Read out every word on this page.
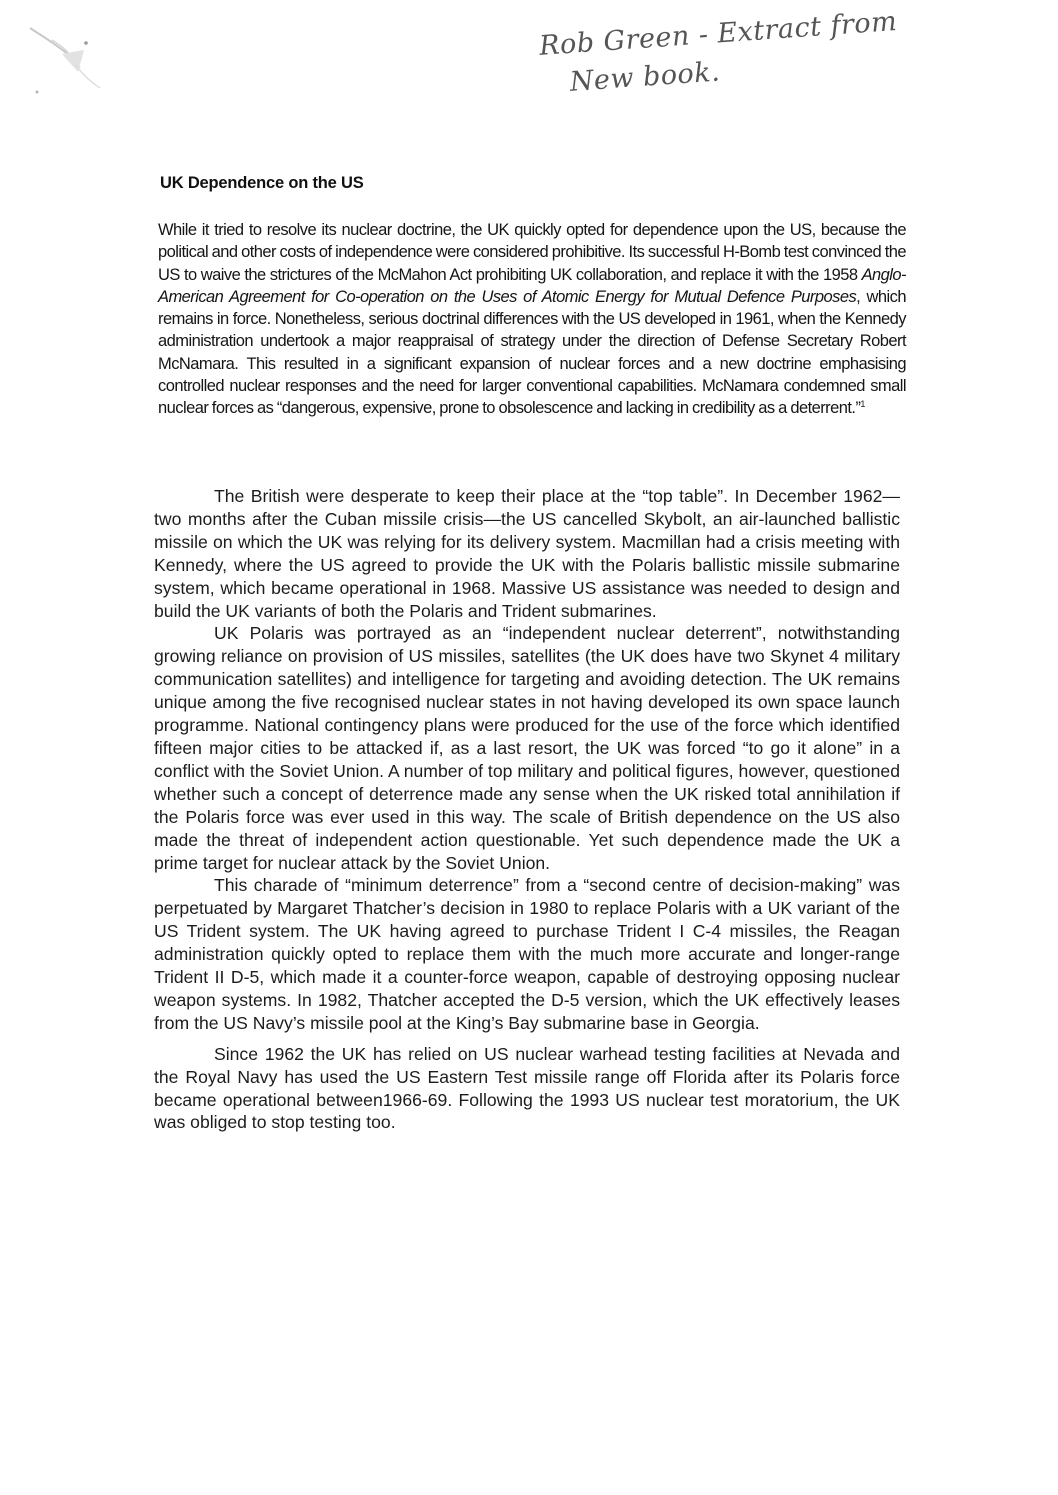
Rob Green - Extract from
New book.
UK Dependence on the US

While it tried to resolve its nuclear doctrine, the UK quickly opted for dependence upon the US, because the political and other costs of independence were considered prohibitive. Its successful H-Bomb test convinced the US to waive the strictures of the McMahon Act prohibiting UK collaboration, and replace it with the 1958 Anglo-American Agreement for Co-operation on the Uses of Atomic Energy for Mutual Defence Purposes, which remains in force. Nonetheless, serious doctrinal differences with the US developed in 1961, when the Kennedy administration undertook a major reappraisal of strategy under the direction of Defense Secretary Robert McNamara. This resulted in a significant expansion of nuclear forces and a new doctrine emphasising controlled nuclear responses and the need for larger conventional capabilities. McNamara condemned small nuclear forces as “dangerous, expensive, prone to obsolescence and lacking in credibility as a deterrent.”$^1$

The British were desperate to keep their place at the “top table”. In December 1962—two months after the Cuban missile crisis—the US cancelled Skybolt, an air-launched ballistic missile on which the UK was relying for its delivery system. Macmillan had a crisis meeting with Kennedy, where the US agreed to provide the UK with the Polaris ballistic missile submarine system, which became operational in 1968. Massive US assistance was needed to design and build the UK variants of both the Polaris and Trident submarines.

UK Polaris was portrayed as an “independent nuclear deterrent”, notwithstanding growing reliance on provision of US missiles, satellites (the UK does have two Skynet 4 military communication satellites) and intelligence for targeting and avoiding detection. The UK remains unique among the five recognised nuclear states in not having developed its own space launch programme. National contingency plans were produced for the use of the force which identified fifteen major cities to be attacked if, as a last resort, the UK was forced “to go it alone” in a conflict with the Soviet Union. A number of top military and political figures, however, questioned whether such a concept of deterrence made any sense when the UK risked total annihilation if the Polaris force was ever used in this way. The scale of British dependence on the US also made the threat of independent action questionable. Yet such dependence made the UK a prime target for nuclear attack by the Soviet Union.

This charade of “minimum deterrence” from a “second centre of decision-making” was perpetuated by Margaret Thatcher’s decision in 1980 to replace Polaris with a UK variant of the US Trident system. The UK having agreed to purchase Trident I C-4 missiles, the Reagan administration quickly opted to replace them with the much more accurate and longer-range Trident II D-5, which made it a counter-force weapon, capable of destroying opposing nuclear weapon systems. In 1982, Thatcher accepted the D-5 version, which the UK effectively leases from the US Navy’s missile pool at the King’s Bay submarine base in Georgia.

Since 1962 the UK has relied on US nuclear warhead testing facilities at Nevada and the Royal Navy has used the US Eastern Test missile range off Florida after its Polaris force became operational between1966-69. Following the 1993 US nuclear test moratorium, the UK was obliged to stop testing too.
